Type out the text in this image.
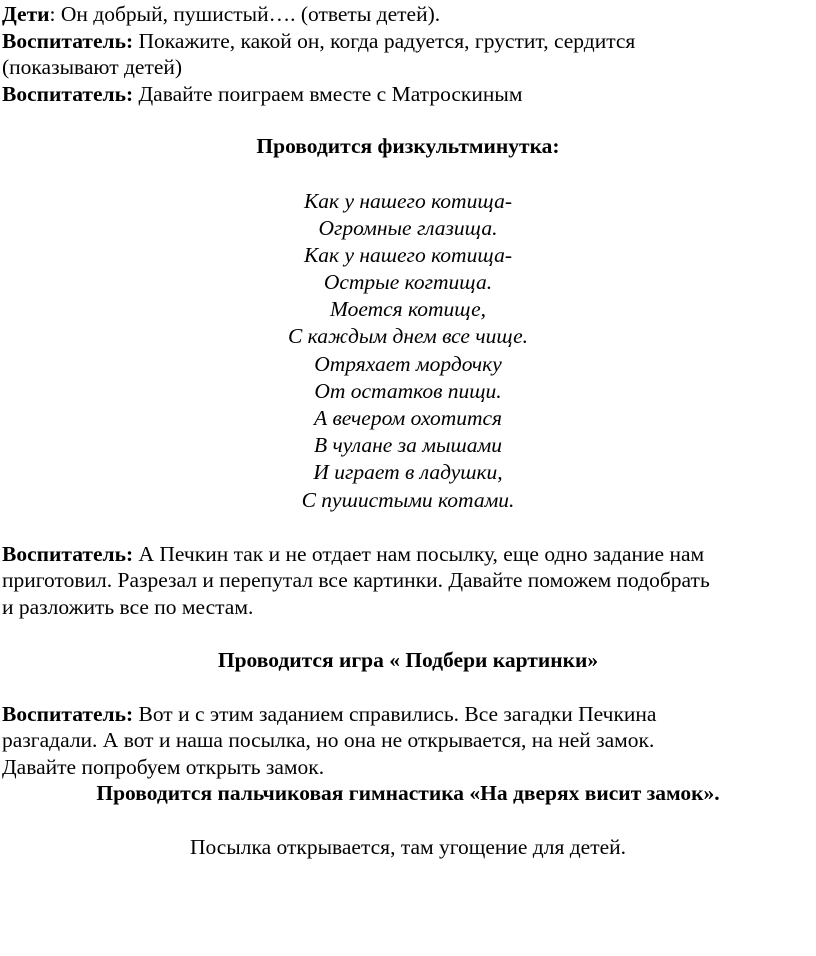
Дети: Он добрый, пушистый…. (ответы детей).

Воспитатель: Покажите, какой он, когда радуется, грустит, сердится

(показывают детей)

Воспитатель: Давайте поиграем вместе с Матроскиным

Проводится физкультминутка:

Как у нашего котища-
Огромные глазища.
Как у нашего котища-
Острые когтища.
Моется котище,
С каждым днем все чище.
Отряхает мордочку
От остатков пищи.
А вечером охотится
В чулане за мышами
И играет в ладушки,
С пушистыми котами.
Воспитатель: А Печкин так и не отдает нам посылку, еще одно задание нам
приготовил. Разрезал и перепутал все картинки. Давайте поможем подобрать
и разложить все по местам.

Проводится игра « Подбери картинки»

Воспитатель: Вот и с этим заданием справились. Все загадки Печкина
разгадали. А вот и наша посылка, но она не открывается, на ней замок.
Давайте попробуем открыть замок.

Проводится пальчиковая гимнастика «На дверях висит замок».

Посылка открывается, там угощение для детей.
